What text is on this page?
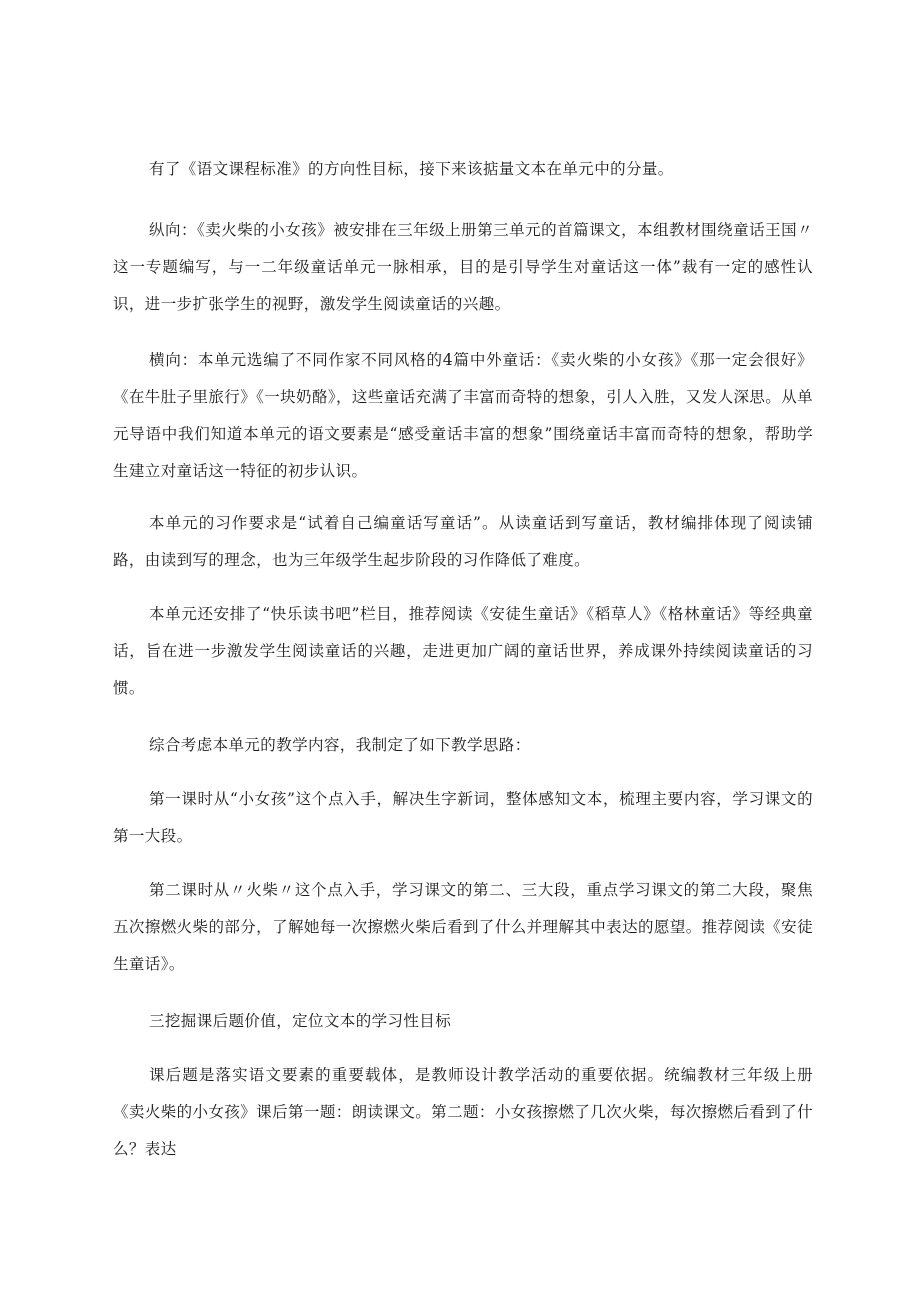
有了《语文课程标准》的方向性目标，接下来该掂量文本在单元中的分量。

纵向：《卖火柴的小女孩》被安排在三年级上册第三单元的首篇课文，本组教材围绕童话王国〃这一专题编写，与一二年级童话单元一脉相承，目的是引导学生对童话这一体”裁有一定的感性认识，进一步扩张学生的视野，激发学生阅读童话的兴趣。

横向：本单元选编了不同作家不同风格的4篇中外童话：《卖火柴的小女孩》《那一定会很好》《在牛肚子里旅行》《一块奶酪》，这些童话充满了丰富而奇特的想象，引人入胜，又发人深思。从单元导语中我们知道本单元的语文要素是“感受童话丰富的想象”围绕童话丰富而奇特的想象，帮助学生建立对童话这一特征的初步认识。

本单元的习作要求是“试着自己编童话写童话”。从读童话到写童话，教材编排体现了阅读铺路，由读到写的理念，也为三年级学生起步阶段的习作降低了难度。

本单元还安排了“快乐读书吧”栏目，推荐阅读《安徒生童话》《稻草人》《格林童话》等经典童话，旨在进一步激发学生阅读童话的兴趣，走进更加广阔的童话世界，养成课外持续阅读童话的习惯。

综合考虑本单元的教学内容，我制定了如下教学思路：

第一课时从“小女孩”这个点入手，解决生字新词，整体感知文本，梳理主要内容，学习课文的第一大段。

第二课时从〃火柴〃这个点入手，学习课文的第二、三大段，重点学习课文的第二大段，聚焦五次擦燃火柴的部分，了解她每一次擦燃火柴后看到了什么并理解其中表达的愿望。推荐阅读《安徒生童话》。

三挖掘课后题价值，定位文本的学习性目标

课后题是落实语文要素的重要载体，是教师设计教学活动的重要依据。统编教材三年级上册《卖火柴的小女孩》课后第一题：朗读课文。第二题：小女孩擦燃了几次火柴，每次擦燃后看到了什么？表达
